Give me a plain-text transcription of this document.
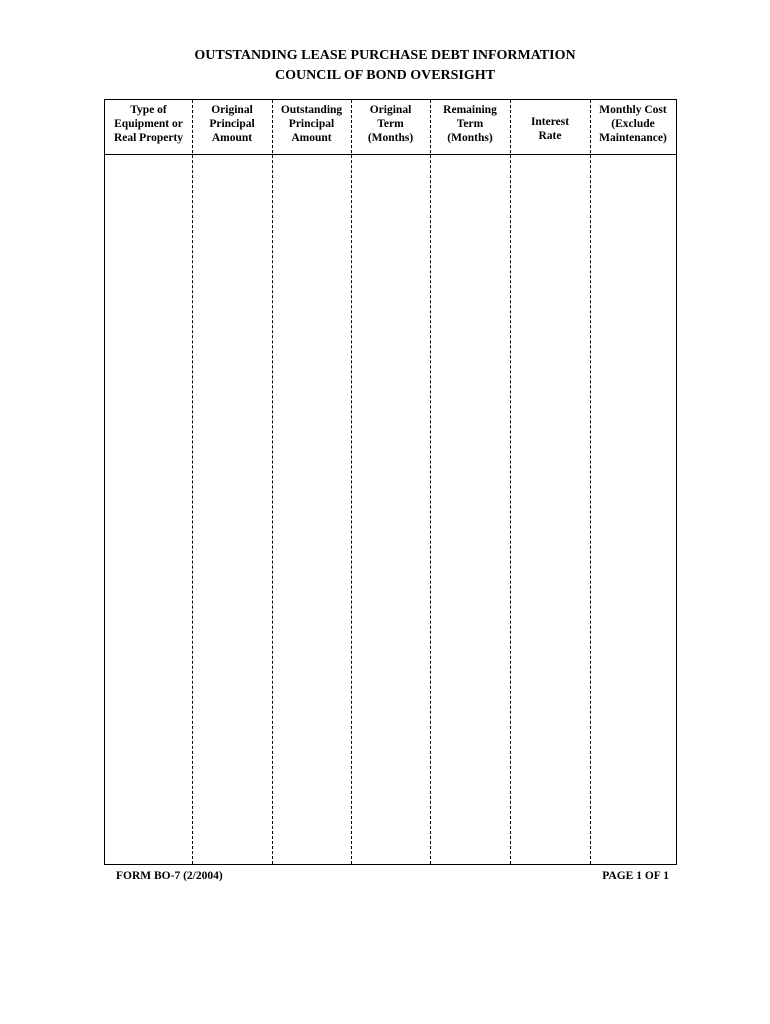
OUTSTANDING LEASE PURCHASE DEBT INFORMATION
COUNCIL OF BOND OVERSIGHT
Type of
Equipment or
Real Property
Original
Principal
Amount
Outstanding
Principal
Amount
Original
Term
(Months)
Remaining
Term
(Months)
Interest
Rate
Monthly Cost
(Exclude
Maintenance)
FORM BO-7 (2/2004)	PAGE 1 OF 1
